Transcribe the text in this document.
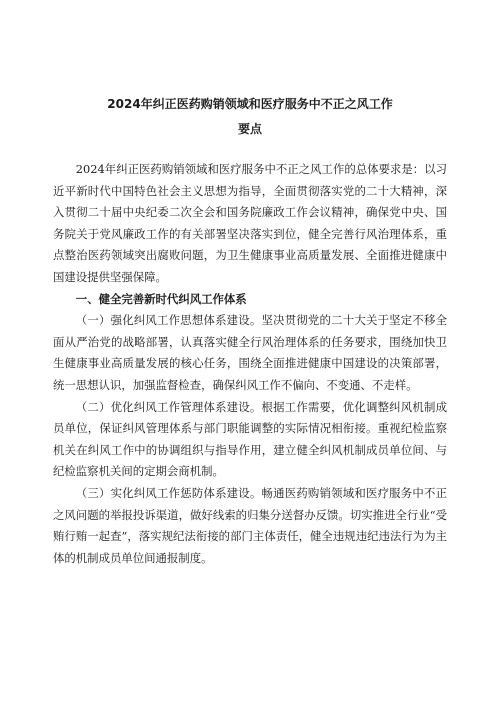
2024年纠正医药购销领域和医疗服务中不正之风工作
要点

2024年纠正医药购销领域和医疗服务中不正之风工作的总体要求是：以习近平新时代中国特色社会主义思想为指导，全面贯彻落实党的二十大精神，深入贯彻二十届中央纪委二次全会和国务院廉政工作会议精神，确保党中央、国务院关于党风廉政工作的有关部署坚决落实到位，健全完善行风治理体系，重点整治医药领域突出腐败问题，为卫生健康事业高质量发展、全面推进健康中国建设提供坚强保障。

一、健全完善新时代纠风工作体系

（一）强化纠风工作思想体系建设。坚决贯彻党的二十大关于坚定不移全面从严治党的战略部署，认真落实健全行风治理体系的任务要求，围绕加快卫生健康事业高质量发展的核心任务，围绕全面推进健康中国建设的决策部署，统一思想认识，加强监督检查，确保纠风工作不偏向、不变通、不走样。

（二）优化纠风工作管理体系建设。根据工作需要，优化调整纠风机制成员单位，保证纠风管理体系与部门职能调整的实际情况相衔接。重视纪检监察机关在纠风工作中的协调组织与指导作用，建立健全纠风机制成员单位间、与纪检监察机关间的定期会商机制。

（三）实化纠风工作惩防体系建设。畅通医药购销领域和医疗服务中不正之风问题的举报投诉渠道，做好线索的归集分送督办反馈。切实推进全行业“受贿行贿一起查”，落实规纪法衔接的部门主体责任，健全违规违纪违法行为为主体的机制成员单位间通报制度。
